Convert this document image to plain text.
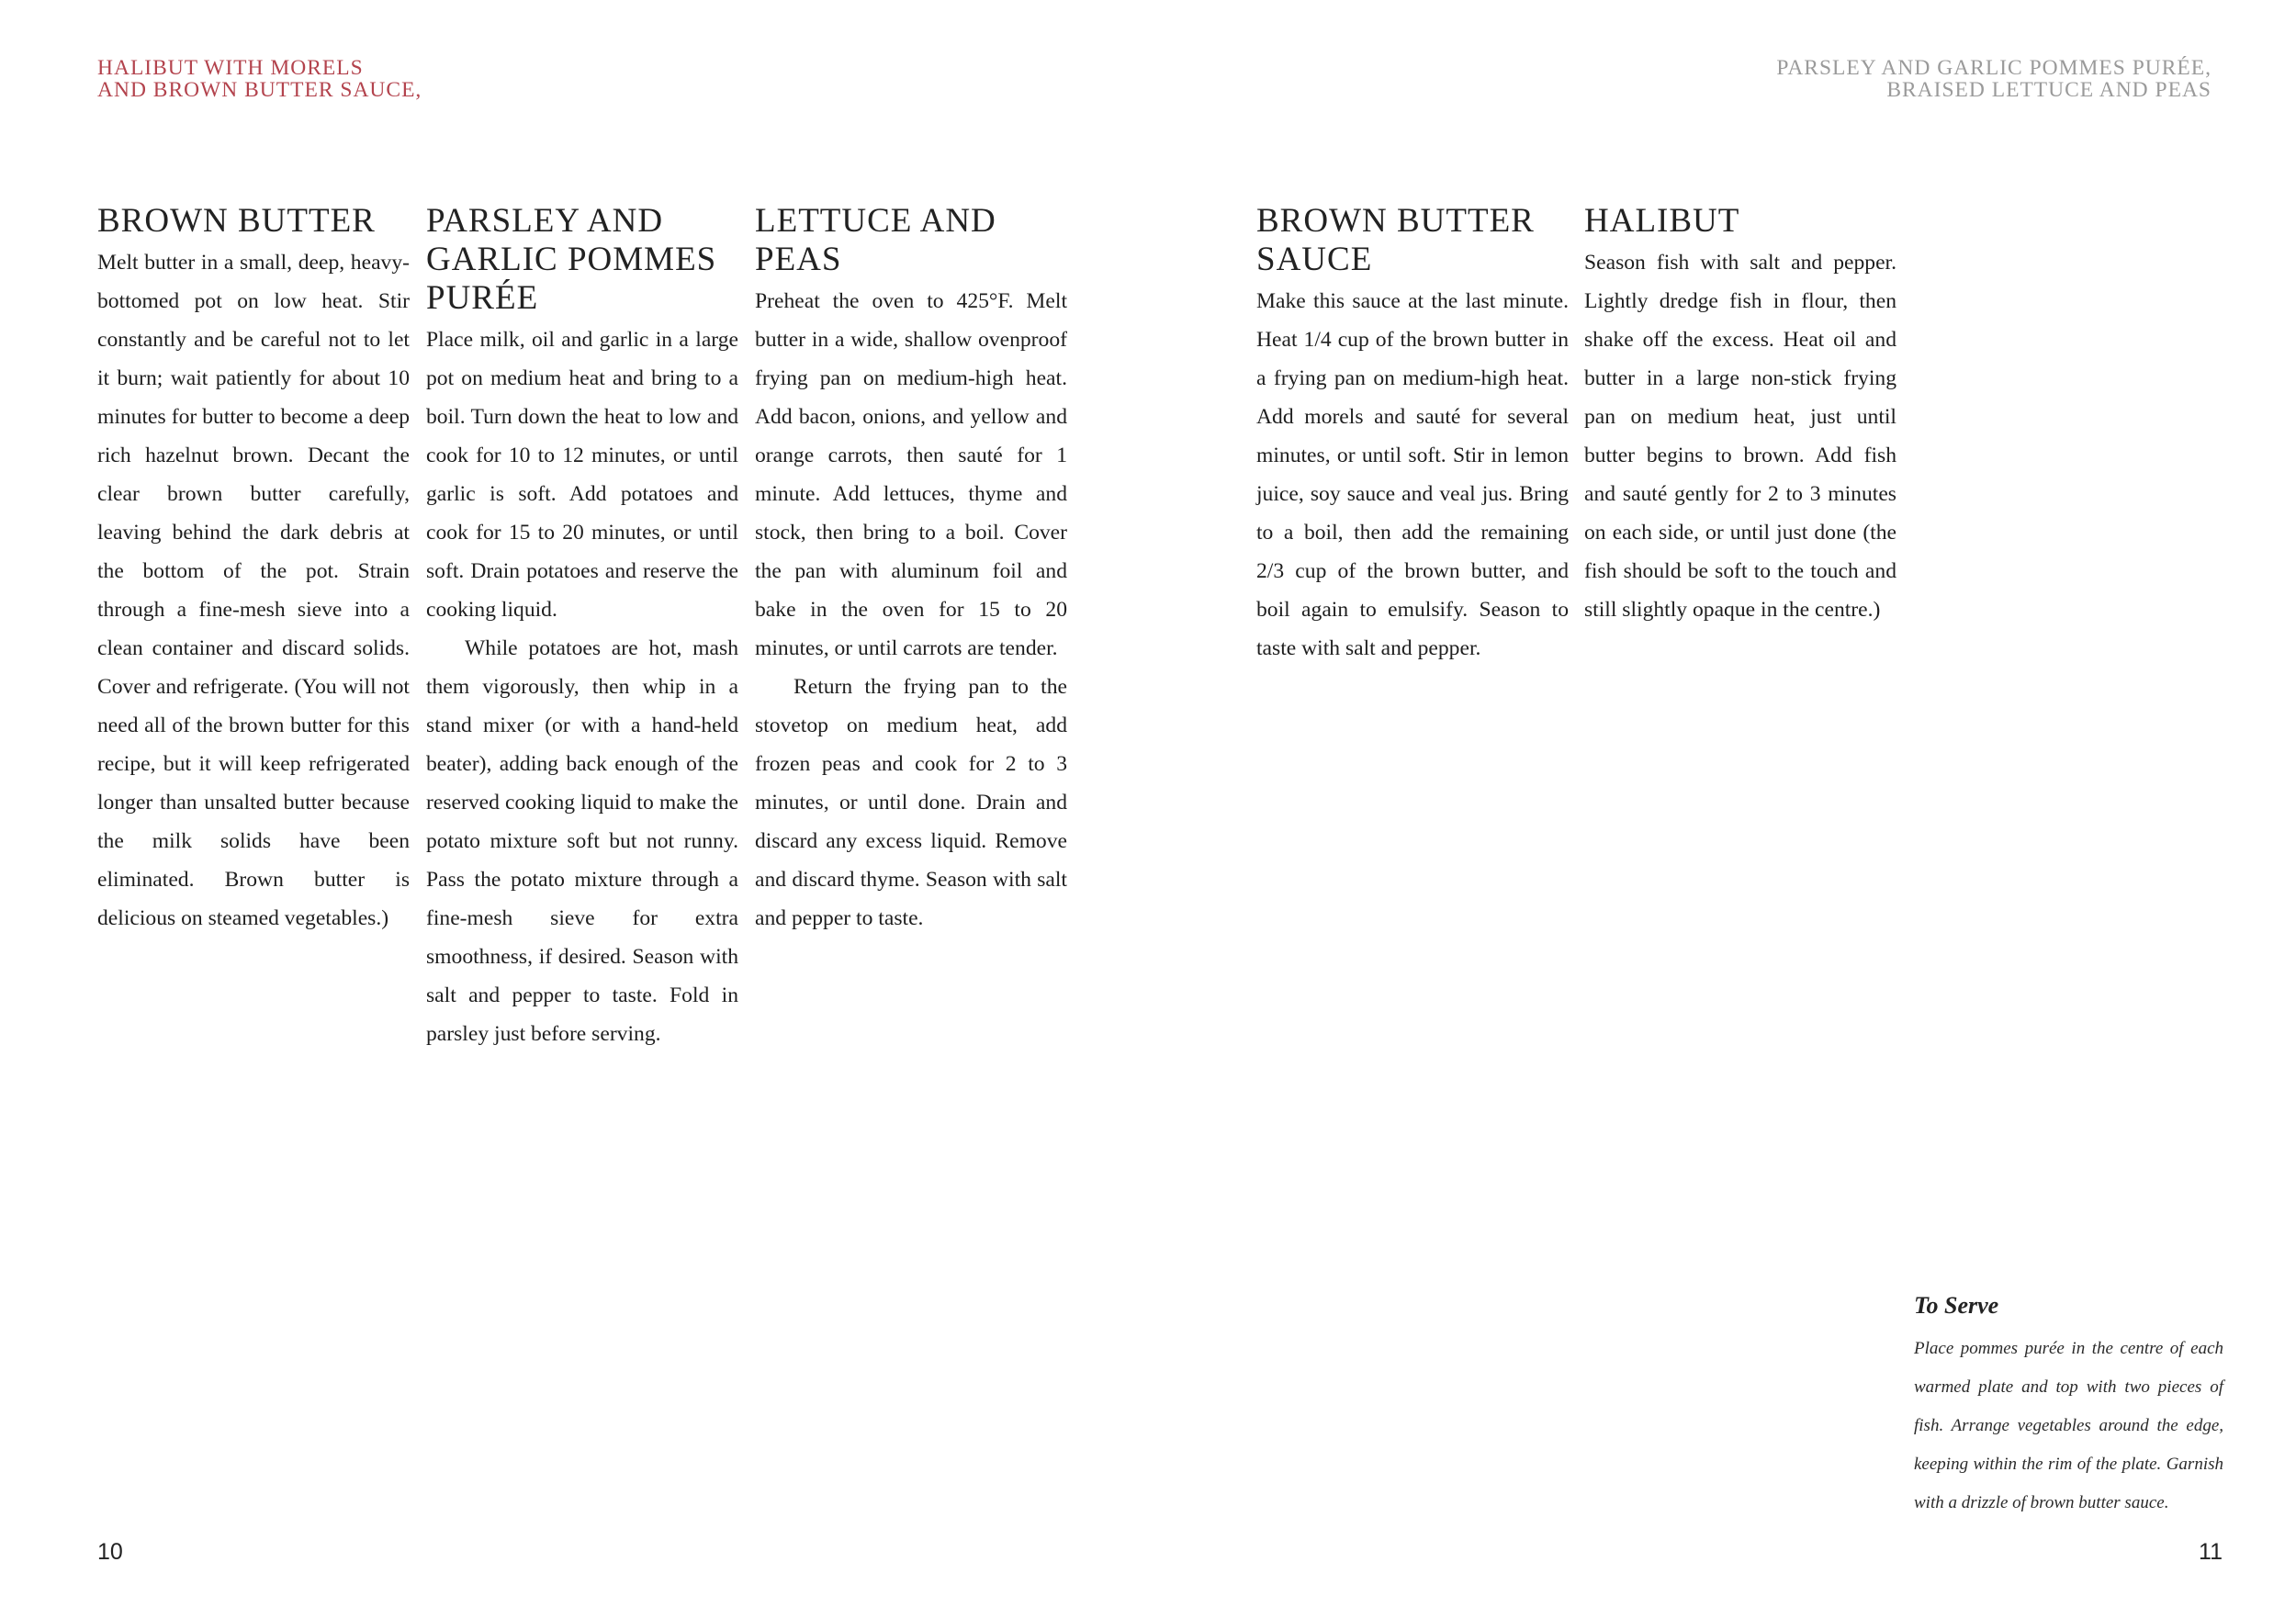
HALIBUT WITH MORELS
AND BROWN BUTTER SAUCE,
PARSLEY AND GARLIC POMMES PURÉE,
BRAISED LETTUCE AND PEAS
BROWN BUTTER

Melt butter in a small, deep, heavy-bottomed pot on low heat. Stir constantly and be careful not to let it burn; wait patiently for about 10 minutes for butter to become a deep rich hazelnut brown. Decant the clear brown butter carefully, leaving behind the dark debris at the bottom of the pot. Strain through a fine-mesh sieve into a clean container and discard solids. Cover and refrigerate. (You will not need all of the brown butter for this recipe, but it will keep refrigerated longer than unsalted butter because the milk solids have been eliminated. Brown butter is delicious on steamed vegetables.)

PARSLEY AND GARLIC POMMES PURÉE

Place milk, oil and garlic in a large pot on medium heat and bring to a boil. Turn down the heat to low and cook for 10 to 12 minutes, or until garlic is soft. Add potatoes and cook for 15 to 20 minutes, or until soft. Drain potatoes and reserve the cooking liquid.

While potatoes are hot, mash them vigorously, then whip in a stand mixer (or with a hand-held beater), adding back enough of the reserved cooking liquid to make the potato mixture soft but not runny. Pass the potato mixture through a fine-mesh sieve for extra smoothness, if desired. Season with salt and pepper to taste. Fold in parsley just before serving.

LETTUCE AND PEAS

Preheat the oven to 425°F. Melt butter in a wide, shallow ovenproof frying pan on medium-high heat. Add bacon, onions, and yellow and orange carrots, then sauté for 1 minute. Add lettuces, thyme and stock, then bring to a boil. Cover the pan with aluminum foil and bake in the oven for 15 to 20 minutes, or until carrots are tender.

Return the frying pan to the stovetop on medium heat, add frozen peas and cook for 2 to 3 minutes, or until done. Drain and discard any excess liquid. Remove and discard thyme. Season with salt and pepper to taste.

BROWN BUTTER SAUCE

Make this sauce at the last minute. Heat 1/4 cup of the brown butter in a frying pan on medium-high heat. Add morels and sauté for several minutes, or until soft. Stir in lemon juice, soy sauce and veal jus. Bring to a boil, then add the remaining 2/3 cup of the brown butter, and boil again to emulsify. Season to taste with salt and pepper.

HALIBUT

Season fish with salt and pepper. Lightly dredge fish in flour, then shake off the excess. Heat oil and butter in a large non-stick frying pan on medium heat, just until butter begins to brown. Add fish and sauté gently for 2 to 3 minutes on each side, or until just done (the fish should be soft to the touch and still slightly opaque in the centre.)

To Serve

Place pommes purée in the centre of each warmed plate and top with two pieces of fish. Arrange vegetables around the edge, keeping within the rim of the plate. Garnish with a drizzle of brown butter sauce.

10	11
